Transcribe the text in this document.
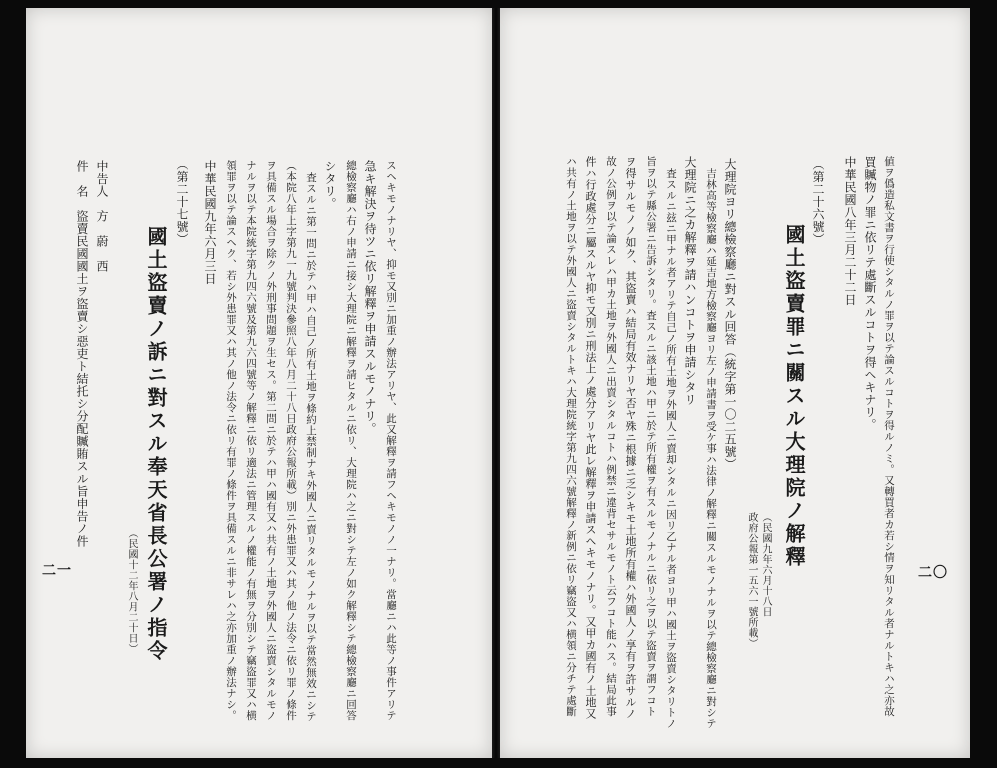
二〇
値ヲ僞造私文書ヲ行使シタルノ罪ヲ以テ論スルコトヲ得ルノミ。又轉買者カ若シ情ヲ知リタル者ナルトキハ之亦故
買贓物ノ罪ニ依リテ處斷スルコトヲ得ヘキナリ。
中華民國八年三月二十二日
（第二十六號）
國土盜賣罪ニ關スル大理院ノ解釋
（民國九年六月十八日
政府公報第一五六一號所載）
大理院ヨリ總檢察廳ニ對スル回答（統字第一〇二五號）
吉林高等檢察廳ハ延吉地方檢察廳ヨリ左ノ申請書ヲ受ケ事ハ法律ノ解釋ニ關スルモノナルヲ以テ總檢察廳ニ對シテ
大理院ニ之カ解釋ヲ請ハンコトヲ申請シタリ
査スルニ玆ニ甲ナル者アリテ自己ノ所有土地ヲ外國人ニ賣却シタルニ因リ乙ナル者ヨリ甲ハ國土ヲ盜賣シタリトノ
旨ヲ以テ縣公署ニ告訴シタリ。査スルニ該土地ハ甲ニ於テ所有權ヲ有スルモノナルニ依リ之ヲ以テ盜賣ヲ謂フコト
ヲ得サルモノノ如ク、其盜賣ハ結局有效ナリヤ否ヤ殊ニ根據ニ乏シキモ土地所有權ハ外國人ノ享有ヲ許サルノ
故ノ公例ヲ以テ論スレハ甲カ土地ヲ外國人ニ出賣シタルコトハ例禁ニ違背セサルモノト云フコト能ハス。結局此事
件ハ行政處分ニ屬スルヤ抑モ又別ニ刑法上ノ處分アリヤ此レ解釋ヲ申請スヘキモノナリ。又甲カ國有ノ土地又
ハ共有ノ土地ヲ以テ外國人ニ盜賣シタルトキハ大理院統字第九四六號解釋ノ新例ニ依リ竊盜又ハ横領ニ分チテ處斷
スヘキモノナリヤ、抑モ又別ニ加重ノ辦法アリヤ、此又解釋ヲ請フヘキモノノ一ナリ。當廳ニハ此等ノ事件アリテ
急キ解決ヲ待ツニ依リ解釋ヲ申請スルモノナリ。
總檢察廳ハ右ノ申請ニ接シ大理院ニ解釋ヲ請ヒタルニ依リ、大理院ハ之ニ對シテ左ノ如ク解釋シテ總檢察廳ニ回答
シタリ。
査スルニ第一問ニ於テハ甲ハ自己ノ所有土地ヲ條約上禁制ナキ外國人ニ賣リタルモノナルヲ以テ當然無效ニシテ
（本院八年上字第九一九號判決參照八年八月二十八日政府公報所載）別ニ外患罪又ハ其ノ他ノ法令ニ依リ罪ノ條件
ヲ具備スル場合ヲ除クノ外刑事問題ヲ生セス。第二問ニ於テハ甲ハ國有又ハ共有ノ土地ヲ外國人ニ盜賣シタルモノ
ナルヲ以テ本院統字第九四六號及第九六四號等ノ解釋ニ依リ適法ニ管理スルノ權能ノ有無ヲ分別シテ竊盜罪又ハ横
領罪ヲ以テ論スヘク、若シ外患罪又ハ其ノ他ノ法令ニ依リ有罪ノ條件ヲ具備スルニ非サレハ之亦加重ノ辦法ナシ。
中華民國九年六月三日
（第二十七號）
國土盜賣ノ訴ニ對スル奉天省長公署ノ指令
（民國十二年八月二十日）
中告人　方　蔚　西
件　名　盜賣民國國土ヲ盜賣シ惡吏ト結托シ分配贓賄スル旨申告ノ件
二一
